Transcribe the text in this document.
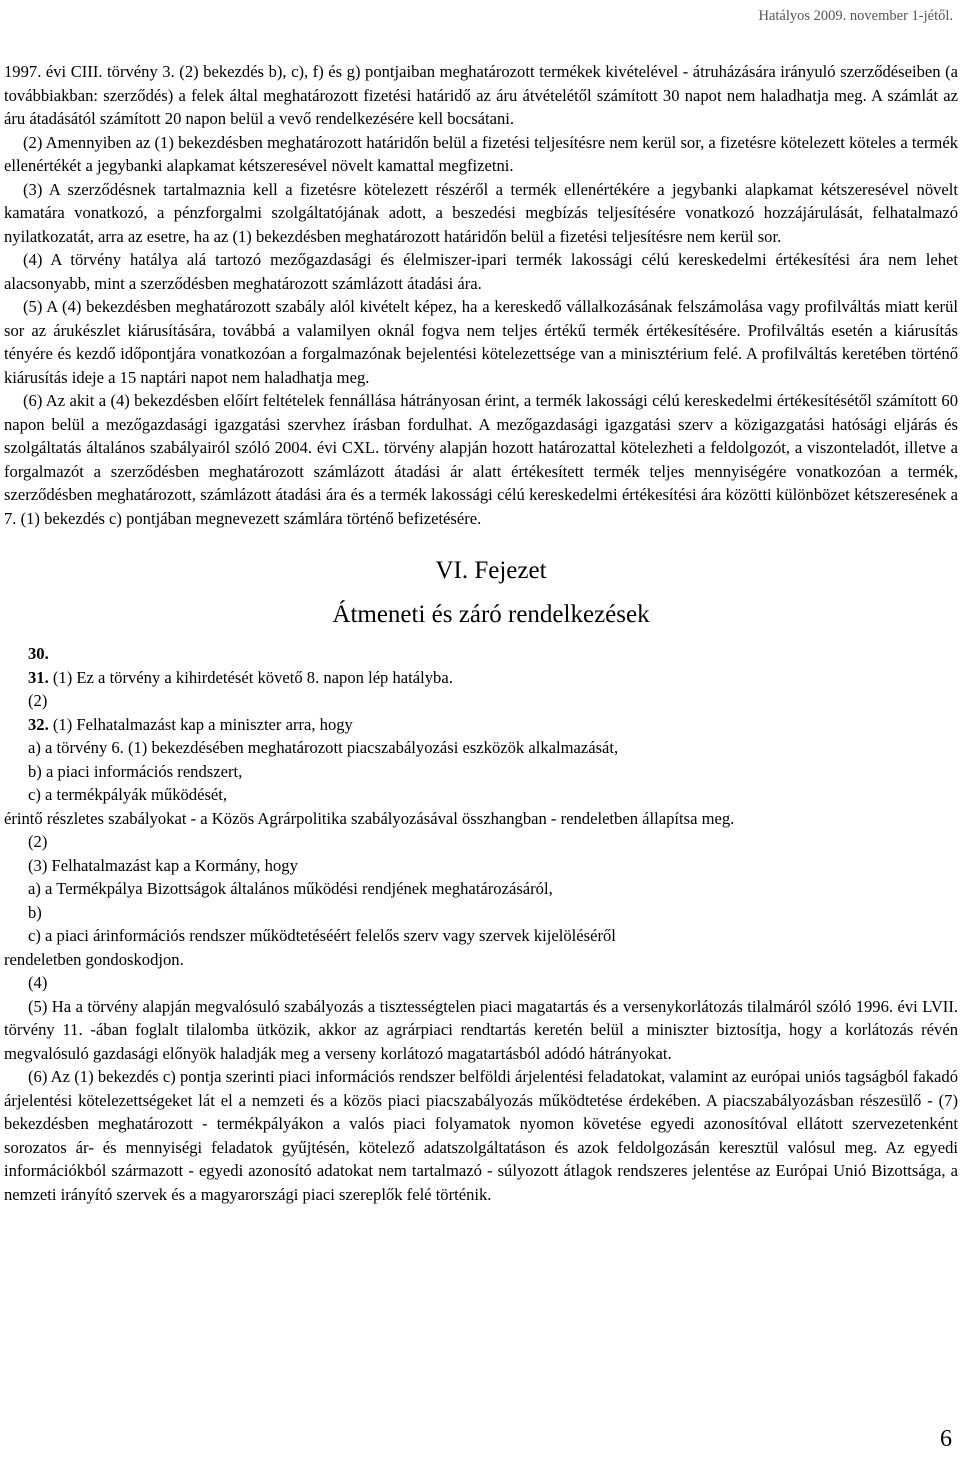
Hatályos 2009. november 1-jétől.

1997. évi CIII. törvény 3. (2) bekezdés b), c), f) és g) pontjaiban meghatározott termékek kivételével - átruházására irányuló szerződéseiben (a továbbiakban: szerződés) a felek által meghatározott fizetési határidő az áru átvételétől számított 30 napot nem haladhatja meg. A számlát az áru átadásától számított 20 napon belül a vevő rendelkezésére kell bocsátani.

(2) Amennyiben az (1) bekezdésben meghatározott határidőn belül a fizetési teljesítésre nem kerül sor, a fizetésre kötelezett köteles a termék ellenértékét a jegybanki alapkamat kétszeresével növelt kamattal megfizetni.

(3) A szerződésnek tartalmaznia kell a fizetésre kötelezett részéről a termék ellenértékére a jegybanki alapkamat kétszeresével növelt kamatára vonatkozó, a pénzforgalmi szolgáltatójának adott, a beszedési megbízás teljesítésére vonatkozó hozzájárulását, felhatalmazó nyilatkozatát, arra az esetre, ha az (1) bekezdésben meghatározott határidőn belül a fizetési teljesítésre nem kerül sor.

(4) A törvény hatálya alá tartozó mezőgazdasági és élelmiszer-ipari termék lakossági célú kereskedelmi értékesítési ára nem lehet alacsonyabb, mint a szerződésben meghatározott számlázott átadási ára.

(5) A (4) bekezdésben meghatározott szabály alól kivételt képez, ha a kereskedő vállalkozásának felszámolása vagy profilváltás miatt kerül sor az árukészlet kiárusítására, továbbá a valamilyen oknál fogva nem teljes értékű termék értékesítésére. Profilváltás esetén a kiárusítás tényére és kezdő időpontjára vonatkozóan a forgalmazónak bejelentési kötelezettsége van a minisztérium felé. A profilváltás keretében történő kiárusítás ideje a 15 naptári napot nem haladhatja meg.

(6) Az akit a (4) bekezdésben előírt feltételek fennállása hátrányosan érint, a termék lakossági célú kereskedelmi értékesítésétől számított 60 napon belül a mezőgazdasági igazgatási szervhez írásban fordulhat. A mezőgazdasági igazgatási szerv a közigazgatási hatósági eljárás és szolgáltatás általános szabályairól szóló 2004. évi CXL. törvény alapján hozott határozattal kötelezheti a feldolgozót, a viszonteladót, illetve a forgalmazót a szerződésben meghatározott számlázott átadási ár alatt értékesített termék teljes mennyiségére vonatkozóan a termék, szerződésben meghatározott, számlázott átadási ára és a termék lakossági célú kereskedelmi értékesítési ára közötti különbözet kétszeresének a 7. (1) bekezdés c) pontjában megnevezett számlára történő befizetésére.

VI. Fejezet
Átmeneti és záró rendelkezések

30.

31. (1) Ez a törvény a kihirdetését követő 8. napon lép hatályba.

(2)

32. (1) Felhatalmazást kap a miniszter arra, hogy

a) a törvény 6. (1) bekezdésében meghatározott piacszabályozási eszközök alkalmazását,

b) a piaci információs rendszert,

c) a termékpályák működését,

érintő részletes szabályokat - a Közös Agrárpolitika szabályozásával összhangban - rendeletben állapítsa meg.

(2)

(3) Felhatalmazást kap a Kormány, hogy

a) a Termékpálya Bizottságok általános működési rendjének meghatározásáról,

b)

c) a piaci árinformációs rendszer működtetéséért felelős szerv vagy szervek kijelöléséről

rendeletben gondoskodjon.

(4)

(5) Ha a törvény alapján megvalósuló szabályozás a tisztességtelen piaci magatartás és a versenykorlátozás tilalmáról szóló 1996. évi LVII. törvény 11. -ában foglalt tilalomba ütközik, akkor az agrárpiaci rendtartás keretén belül a miniszter biztosítja, hogy a korlátozás révén megvalósuló gazdasági előnyök haladják meg a verseny korlátozó magatartásból adódó hátrányokat.

(6) Az (1) bekezdés c) pontja szerinti piaci információs rendszer belföldi árjelentési feladatokat, valamint az európai uniós tagságból fakadó árjelentési kötelezettségeket lát el a nemzeti és a közös piaci piacszabályozás működtetése érdekében. A piacszabályozásban részesülő - (7) bekezdésben meghatározott - termékpályákon a valós piaci folyamatok nyomon követése egyedi azonosítóval ellátott szervezetenként sorozatos ár- és mennyiségi feladatok gyűjtésén, kötelező adatszolgáltatáson és azok feldolgozásán keresztül valósul meg. Az egyedi információkból származott - egyedi azonosító adatokat nem tartalmazó - súlyozott átlagok rendszeres jelentése az Európai Unió Bizottsága, a nemzeti irányító szervek és a magyarországi piaci szereplők felé történik.

6
